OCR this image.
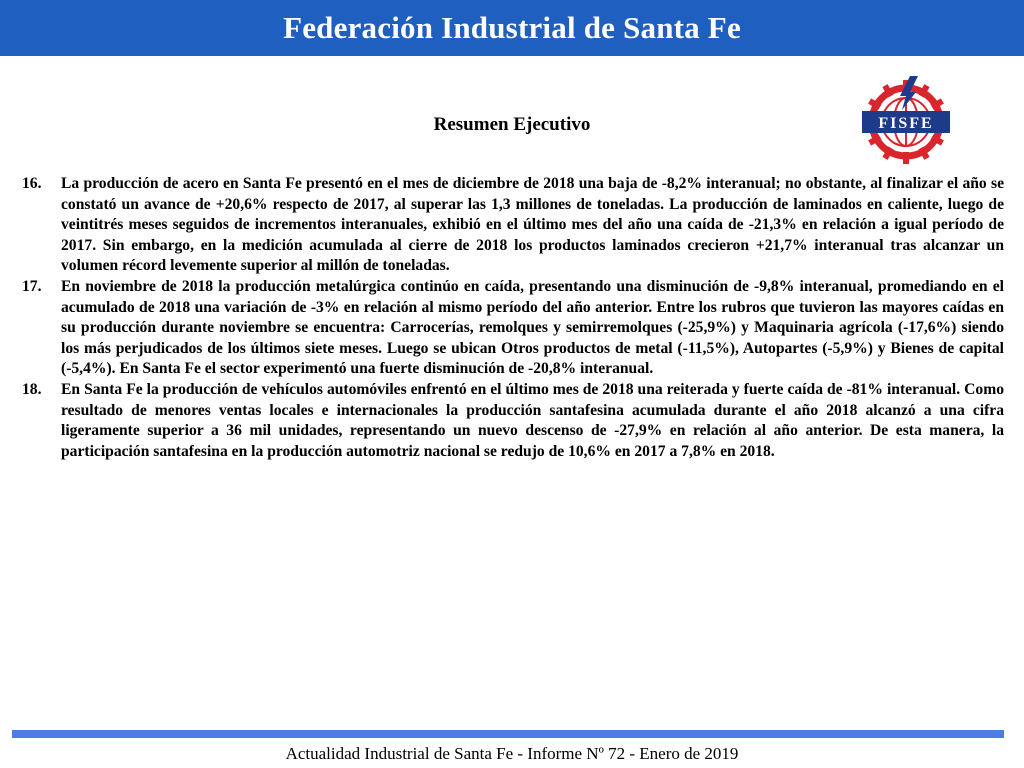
Federación Industrial de Santa Fe
FISFE
Resumen Ejecutivo
16.	La producción de acero en Santa Fe presentó en el mes de diciembre de 2018 una baja de -8,2% interanual; no obstante, al finalizar el año se constató un avance de +20,6% respecto de 2017, al superar las 1,3 millones de toneladas. La producción de laminados en caliente, luego de veintitrés meses seguidos de incrementos interanuales, exhibió en el último mes del año una caída de -21,3% en relación a igual período de 2017. Sin embargo, en la medición acumulada al cierre de 2018 los productos laminados crecieron +21,7% interanual tras alcanzar un volumen récord levemente superior al millón de toneladas.
17.	En noviembre de 2018 la producción metalúrgica continúo en caída, presentando una disminución de -9,8% interanual, promediando en el acumulado de 2018 una variación de -3% en relación al mismo período del año anterior. Entre los rubros que tuvieron las mayores caídas en su producción durante noviembre se encuentra: Carrocerías, remolques y semirremolques (-25,9%) y Maquinaria agrícola (-17,6%) siendo los más perjudicados de los últimos siete meses. Luego se ubican Otros productos de metal (-11,5%), Autopartes (-5,9%) y Bienes de capital (-5,4%). En Santa Fe el sector experimentó una fuerte disminución de -20,8% interanual.
18.	En Santa Fe la producción de vehículos automóviles enfrentó en el último mes de 2018 una reiterada y fuerte caída de -81% interanual. Como resultado de menores ventas locales e internacionales la producción santafesina acumulada durante el año 2018 alcanzó a una cifra ligeramente superior a 36 mil unidades, representando un nuevo descenso de -27,9% en relación al año anterior. De esta manera, la participación santafesina en la producción automotriz nacional se redujo de 10,6% en 2017 a 7,8% en 2018.
Actualidad Industrial de Santa Fe - Informe Nº 72 - Enero de 2019
